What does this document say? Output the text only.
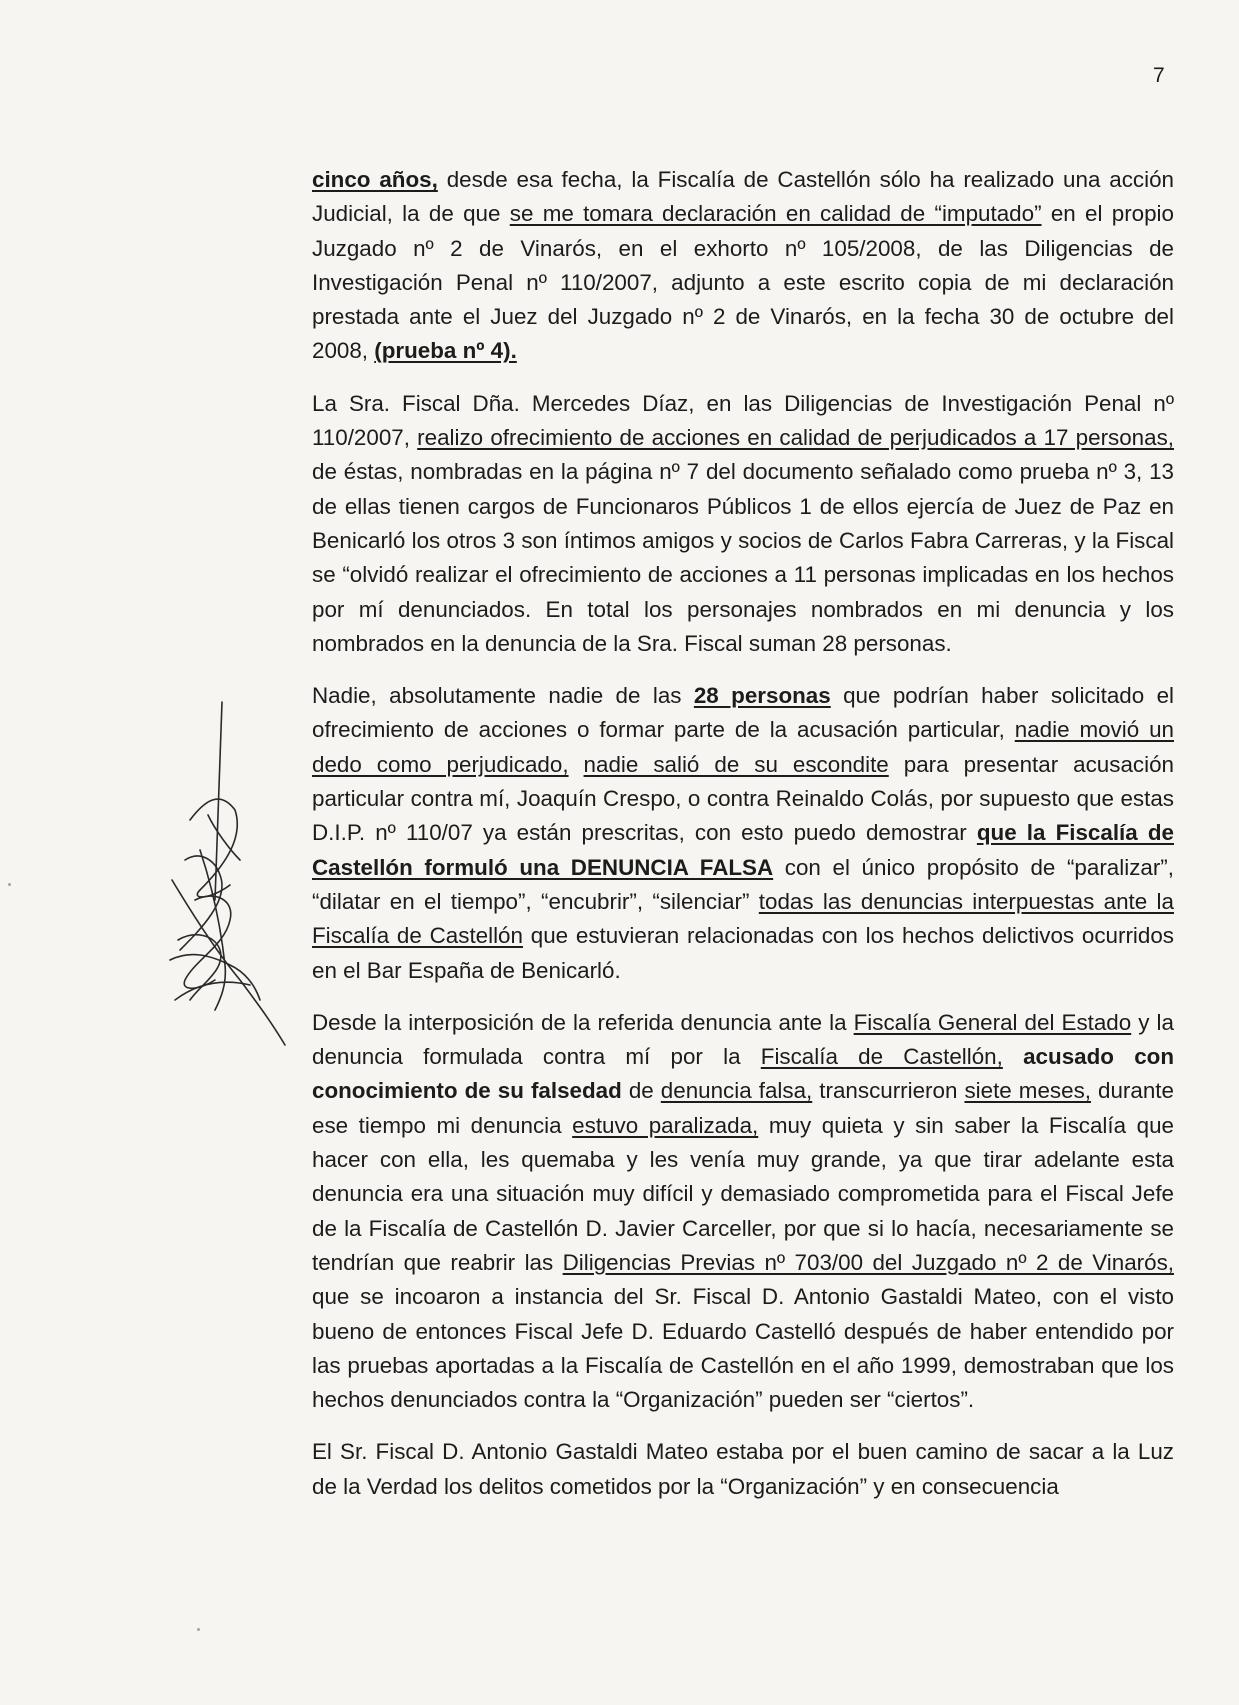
7

cinco años, desde esa fecha, la Fiscalía de Castellón sólo ha realizado una acción Judicial, la de que se me tomara declaración en calidad de “imputado” en el propio Juzgado nº 2 de Vinarós, en el exhorto nº 105/2008, de las Diligencias de Investigación Penal nº 110/2007, adjunto a este escrito copia de mi declaración prestada ante el Juez del Juzgado nº 2 de Vinarós, en la fecha 30 de octubre del 2008, (prueba nº 4).

La Sra. Fiscal Dña. Mercedes Díaz, en las Diligencias de Investigación Penal nº 110/2007, realizo ofrecimiento de acciones en calidad de perjudicados a 17 personas, de éstas, nombradas en la página nº 7 del documento señalado como prueba nº 3, 13 de ellas tienen cargos de Funcionaros Públicos 1 de ellos ejercía de Juez de Paz en Benicarló los otros 3 son íntimos amigos y socios de Carlos Fabra Carreras, y la Fiscal se “olvidó realizar el ofrecimiento de acciones a 11 personas implicadas en los hechos por mí denunciados. En total los personajes nombrados en mi denuncia y los nombrados en la denuncia de la Sra. Fiscal suman 28 personas.

Nadie, absolutamente nadie de las 28 personas que podrían haber solicitado el ofrecimiento de acciones o formar parte de la acusación particular, nadie movió un dedo como perjudicado, nadie salió de su escondite para presentar acusación particular contra mí, Joaquín Crespo, o contra Reinaldo Colás, por supuesto que estas D.I.P. nº 110/07 ya están prescritas, con esto puedo demostrar que la Fiscalía de Castellón formuló una DENUNCIA FALSA con el único propósito de “paralizar”, “dilatar en el tiempo”, “encubrir”, “silenciar” todas las denuncias interpuestas ante la Fiscalía de Castellón que estuvieran relacionadas con los hechos delictivos ocurridos en el Bar España de Benicarló.

Desde la interposición de la referida denuncia ante la Fiscalía General del Estado y la denuncia formulada contra mí por la Fiscalía de Castellón, acusado con conocimiento de su falsedad de denuncia falsa, transcurrieron siete meses, durante ese tiempo mi denuncia estuvo paralizada, muy quieta y sin saber la Fiscalía que hacer con ella, les quemaba y les venía muy grande, ya que tirar adelante esta denuncia era una situación muy difícil y demasiado comprometida para el Fiscal Jefe de la Fiscalía de Castellón D. Javier Carceller, por que si lo hacía, necesariamente se tendrían que reabrir las Diligencias Previas nº 703/00 del Juzgado nº 2 de Vinarós, que se incoaron a instancia del Sr. Fiscal D. Antonio Gastaldi Mateo, con el visto bueno de entonces Fiscal Jefe D. Eduardo Castelló después de haber entendido por las pruebas aportadas a la Fiscalía de Castellón en el año 1999, demostraban que los hechos denunciados contra la “Organización” pueden ser “ciertos”.

El Sr. Fiscal D. Antonio Gastaldi Mateo estaba por el buen camino de sacar a la Luz de la Verdad los delitos cometidos por la “Organización” y en consecuencia
